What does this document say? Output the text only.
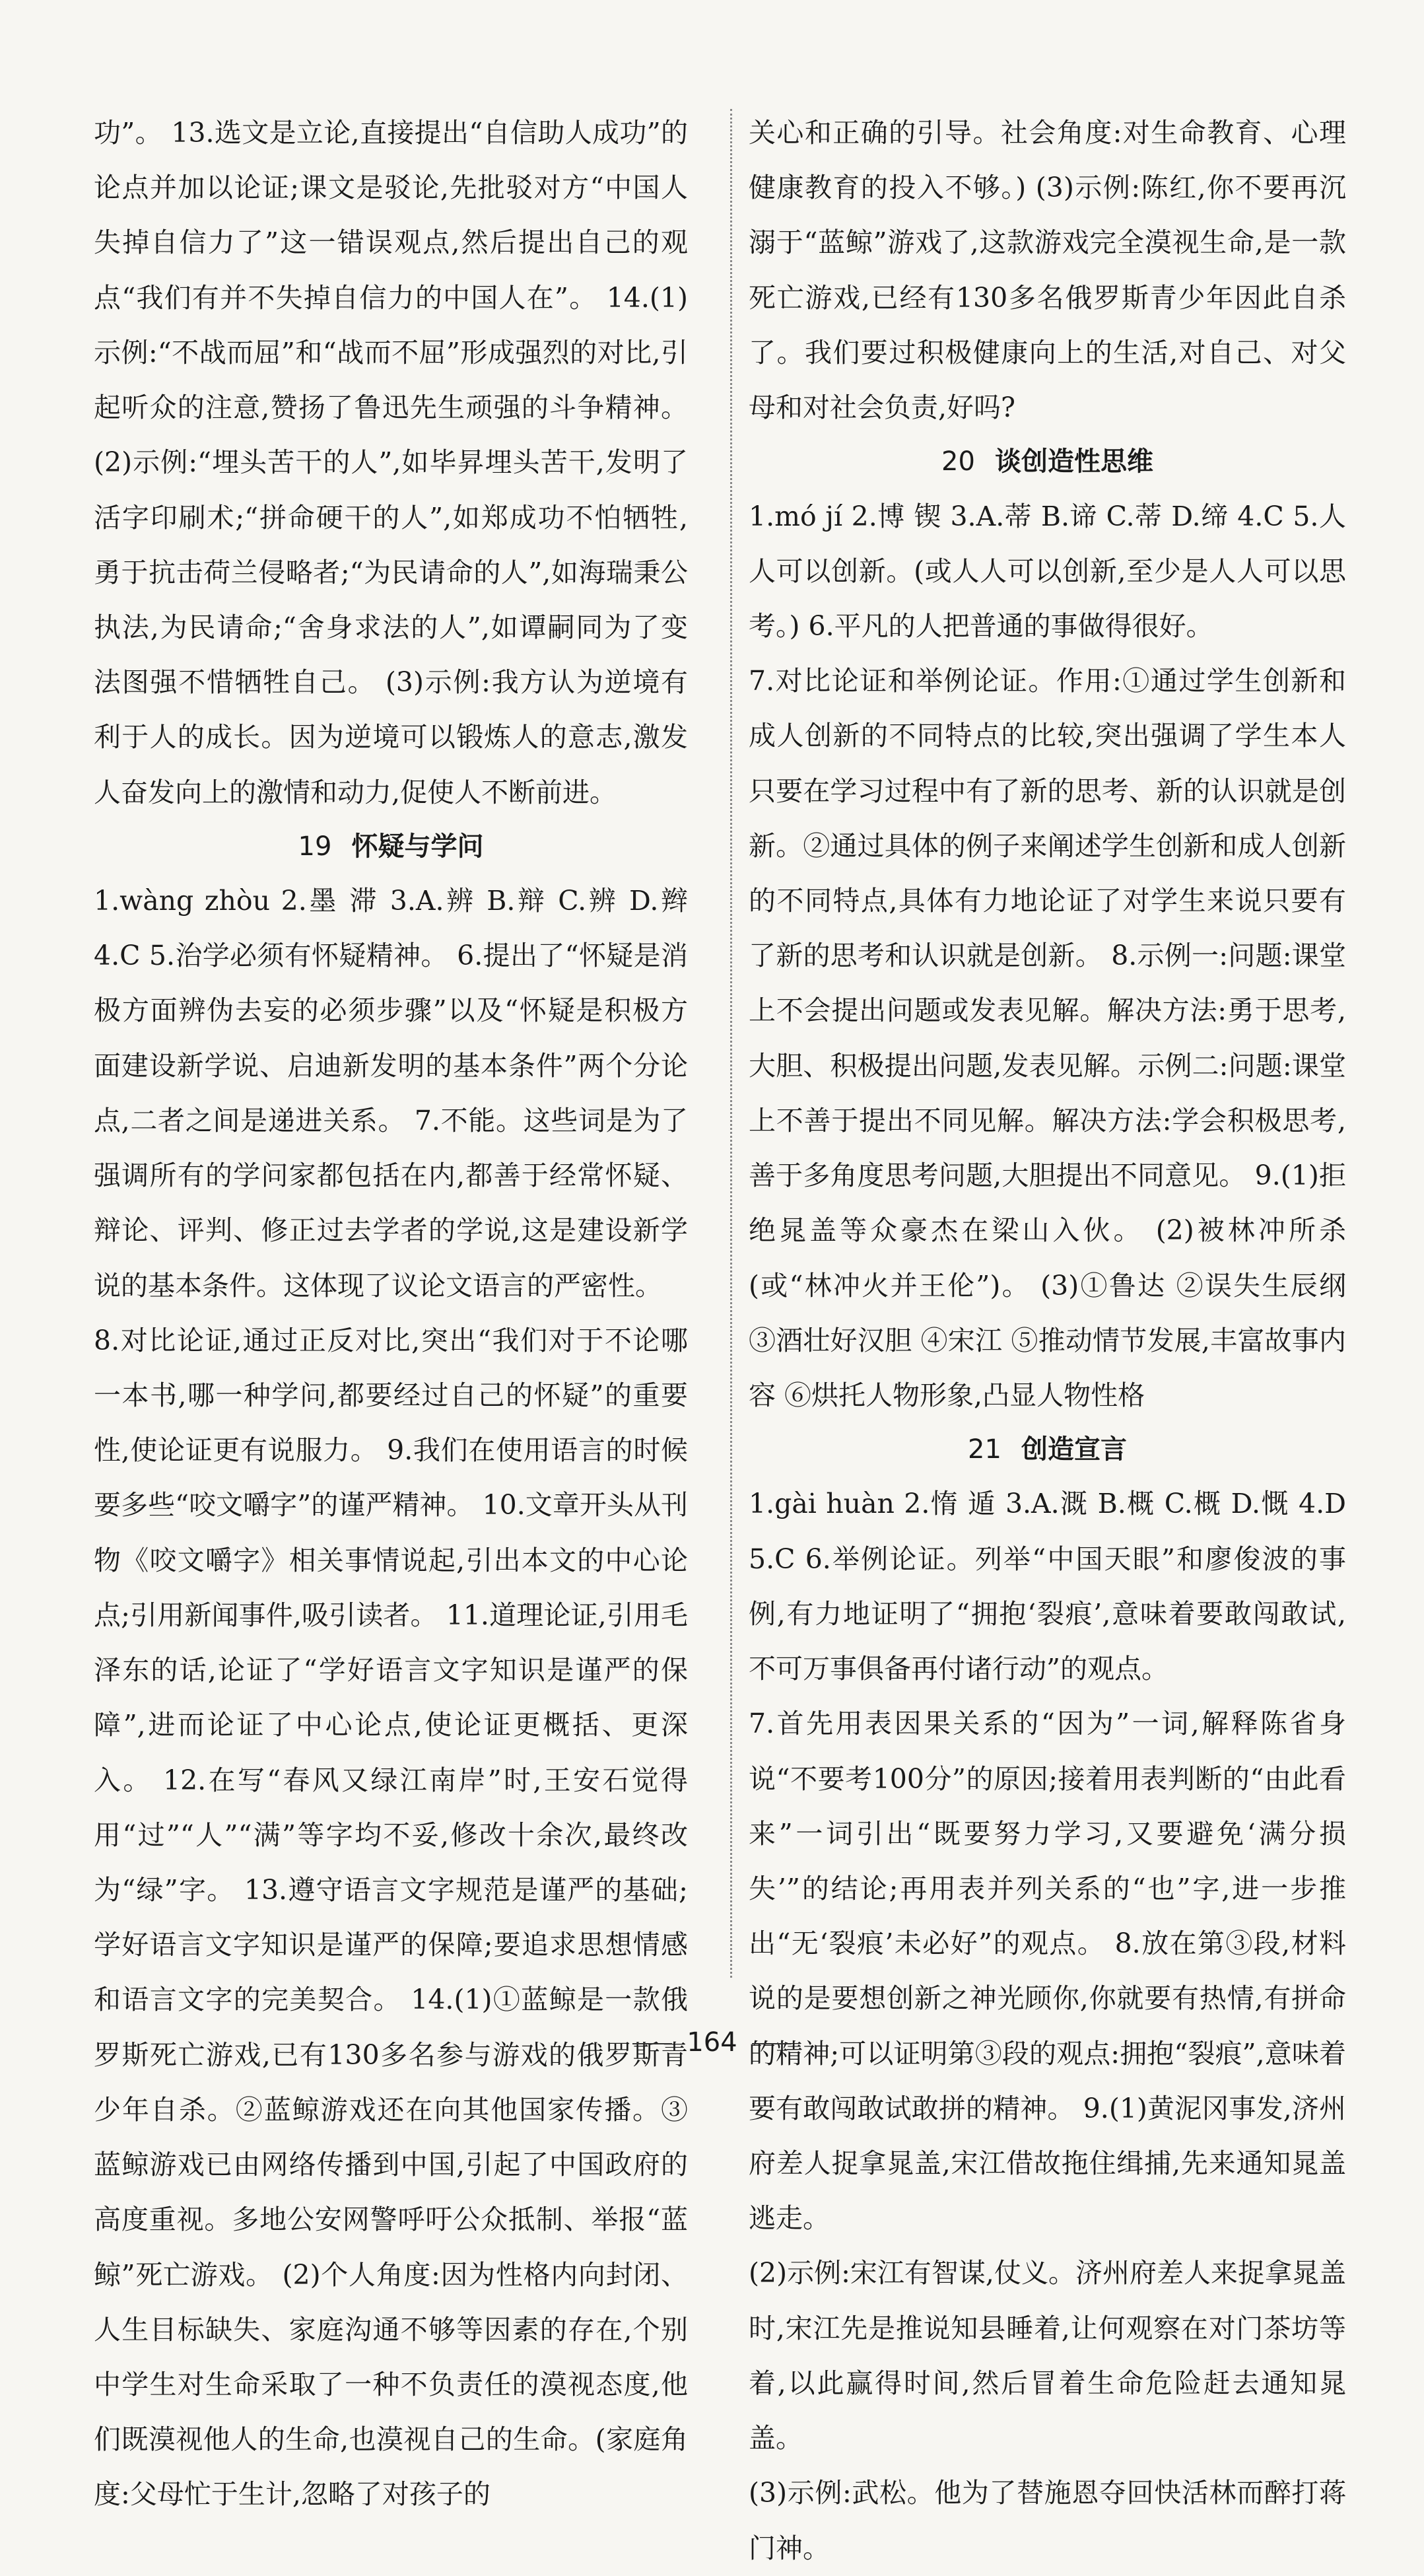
功”。 13.选文是立论,直接提出“自信助人成功”的论点并加以论证;课文是驳论,先批驳对方“中国人失掉自信力了”这一错误观点,然后提出自己的观点“我们有并不失掉自信力的中国人在”。 14.(1)示例:“不战而屈”和“战而不屈”形成强烈的对比,引起听众的注意,赞扬了鲁迅先生顽强的斗争精神。 (2)示例:“埋头苦干的人”,如毕昇埋头苦干,发明了活字印刷术;“拼命硬干的人”,如郑成功不怕牺牲,勇于抗击荷兰侵略者;“为民请命的人”,如海瑞秉公执法,为民请命;“舍身求法的人”,如谭嗣同为了变法图强不惜牺牲自己。 (3)示例:我方认为逆境有利于人的成长。因为逆境可以锻炼人的意志,激发人奋发向上的激情和动力,促使人不断前进。
19 怀疑与学问
1.wàng zhòu 2.墨 滞 3.A.辨 B.辩 C.辨 D.辫 4.C 5.治学必须有怀疑精神。 6.提出了“怀疑是消极方面辨伪去妄的必须步骤”以及“怀疑是积极方面建设新学说、启迪新发明的基本条件”两个分论点,二者之间是递进关系。 7.不能。这些词是为了强调所有的学问家都包括在内,都善于经常怀疑、辩论、评判、修正过去学者的学说,这是建设新学说的基本条件。这体现了议论文语言的严密性。
8.对比论证,通过正反对比,突出“我们对于不论哪一本书,哪一种学问,都要经过自己的怀疑”的重要性,使论证更有说服力。 9.我们在使用语言的时候要多些“咬文嚼字”的谨严精神。 10.文章开头从刊物《咬文嚼字》相关事情说起,引出本文的中心论点;引用新闻事件,吸引读者。 11.道理论证,引用毛泽东的话,论证了“学好语言文字知识是谨严的保障”,进而论证了中心论点,使论证更概括、更深入。 12.在写“春风又绿江南岸”时,王安石觉得用“过”“人”“满”等字均不妥,修改十余次,最终改为“绿”字。 13.遵守语言文字规范是谨严的基础;学好语言文字知识是谨严的保障;要追求思想情感和语言文字的完美契合。 14.(1)①蓝鲸是一款俄罗斯死亡游戏,已有130多名参与游戏的俄罗斯青少年自杀。②蓝鲸游戏还在向其他国家传播。③蓝鲸游戏已由网络传播到中国,引起了中国政府的高度重视。多地公安网警呼吁公众抵制、举报“蓝鲸”死亡游戏。 (2)个人角度:因为性格内向封闭、人生目标缺失、家庭沟通不够等因素的存在,个别中学生对生命采取了一种不负责任的漠视态度,他们既漠视他人的生命,也漠视自己的生命。(家庭角度:父母忙于生计,忽略了对孩子的
关心和正确的引导。社会角度:对生命教育、心理健康教育的投入不够。) (3)示例:陈红,你不要再沉溺于“蓝鲸”游戏了,这款游戏完全漠视生命,是一款死亡游戏,已经有130多名俄罗斯青少年因此自杀了。我们要过积极健康向上的生活,对自己、对父母和对社会负责,好吗?
20 谈创造性思维
1.mó jí 2.博 锲 3.A.蒂 B.谛 C.蒂 D.缔 4.C 5.人人可以创新。(或人人可以创新,至少是人人可以思考。) 6.平凡的人把普通的事做得很好。
7.对比论证和举例论证。作用:①通过学生创新和成人创新的不同特点的比较,突出强调了学生本人只要在学习过程中有了新的思考、新的认识就是创新。②通过具体的例子来阐述学生创新和成人创新的不同特点,具体有力地论证了对学生来说只要有了新的思考和认识就是创新。 8.示例一:问题:课堂上不会提出问题或发表见解。解决方法:勇于思考,大胆、积极提出问题,发表见解。示例二:问题:课堂上不善于提出不同见解。解决方法:学会积极思考,善于多角度思考问题,大胆提出不同意见。 9.(1)拒绝晁盖等众豪杰在梁山入伙。 (2)被林冲所杀(或“林冲火并王伦”)。 (3)①鲁达 ②误失生辰纲 ③酒壮好汉胆 ④宋江 ⑤推动情节发展,丰富故事内容 ⑥烘托人物形象,凸显人物性格
21 创造宣言
1.gài huàn 2.惰 遁 3.A.溉 B.概 C.概 D.慨 4.D 5.C 6.举例论证。列举“中国天眼”和廖俊波的事例,有力地证明了“拥抱‘裂痕’,意味着要敢闯敢试,不可万事俱备再付诸行动”的观点。
7.首先用表因果关系的“因为”一词,解释陈省身说“不要考100分”的原因;接着用表判断的“由此看来”一词引出“既要努力学习,又要避免‘满分损失’”的结论;再用表并列关系的“也”字,进一步推出“无‘裂痕’未必好”的观点。 8.放在第③段,材料说的是要想创新之神光顾你,你就要有热情,有拼命的精神;可以证明第③段的观点:拥抱“裂痕”,意味着要有敢闯敢试敢拼的精神。 9.(1)黄泥冈事发,济州府差人捉拿晁盖,宋江借故拖住缉捕,先来通知晁盖逃走。
(2)示例:宋江有智谋,仗义。济州府差人来捉拿晁盖时,宋江先是推说知县睡着,让何观察在对门茶坊等着,以此赢得时间,然后冒着生命危险赶去通知晁盖。
(3)示例:武松。他为了替施恩夺回快活林而醉打蒋门神。
164
